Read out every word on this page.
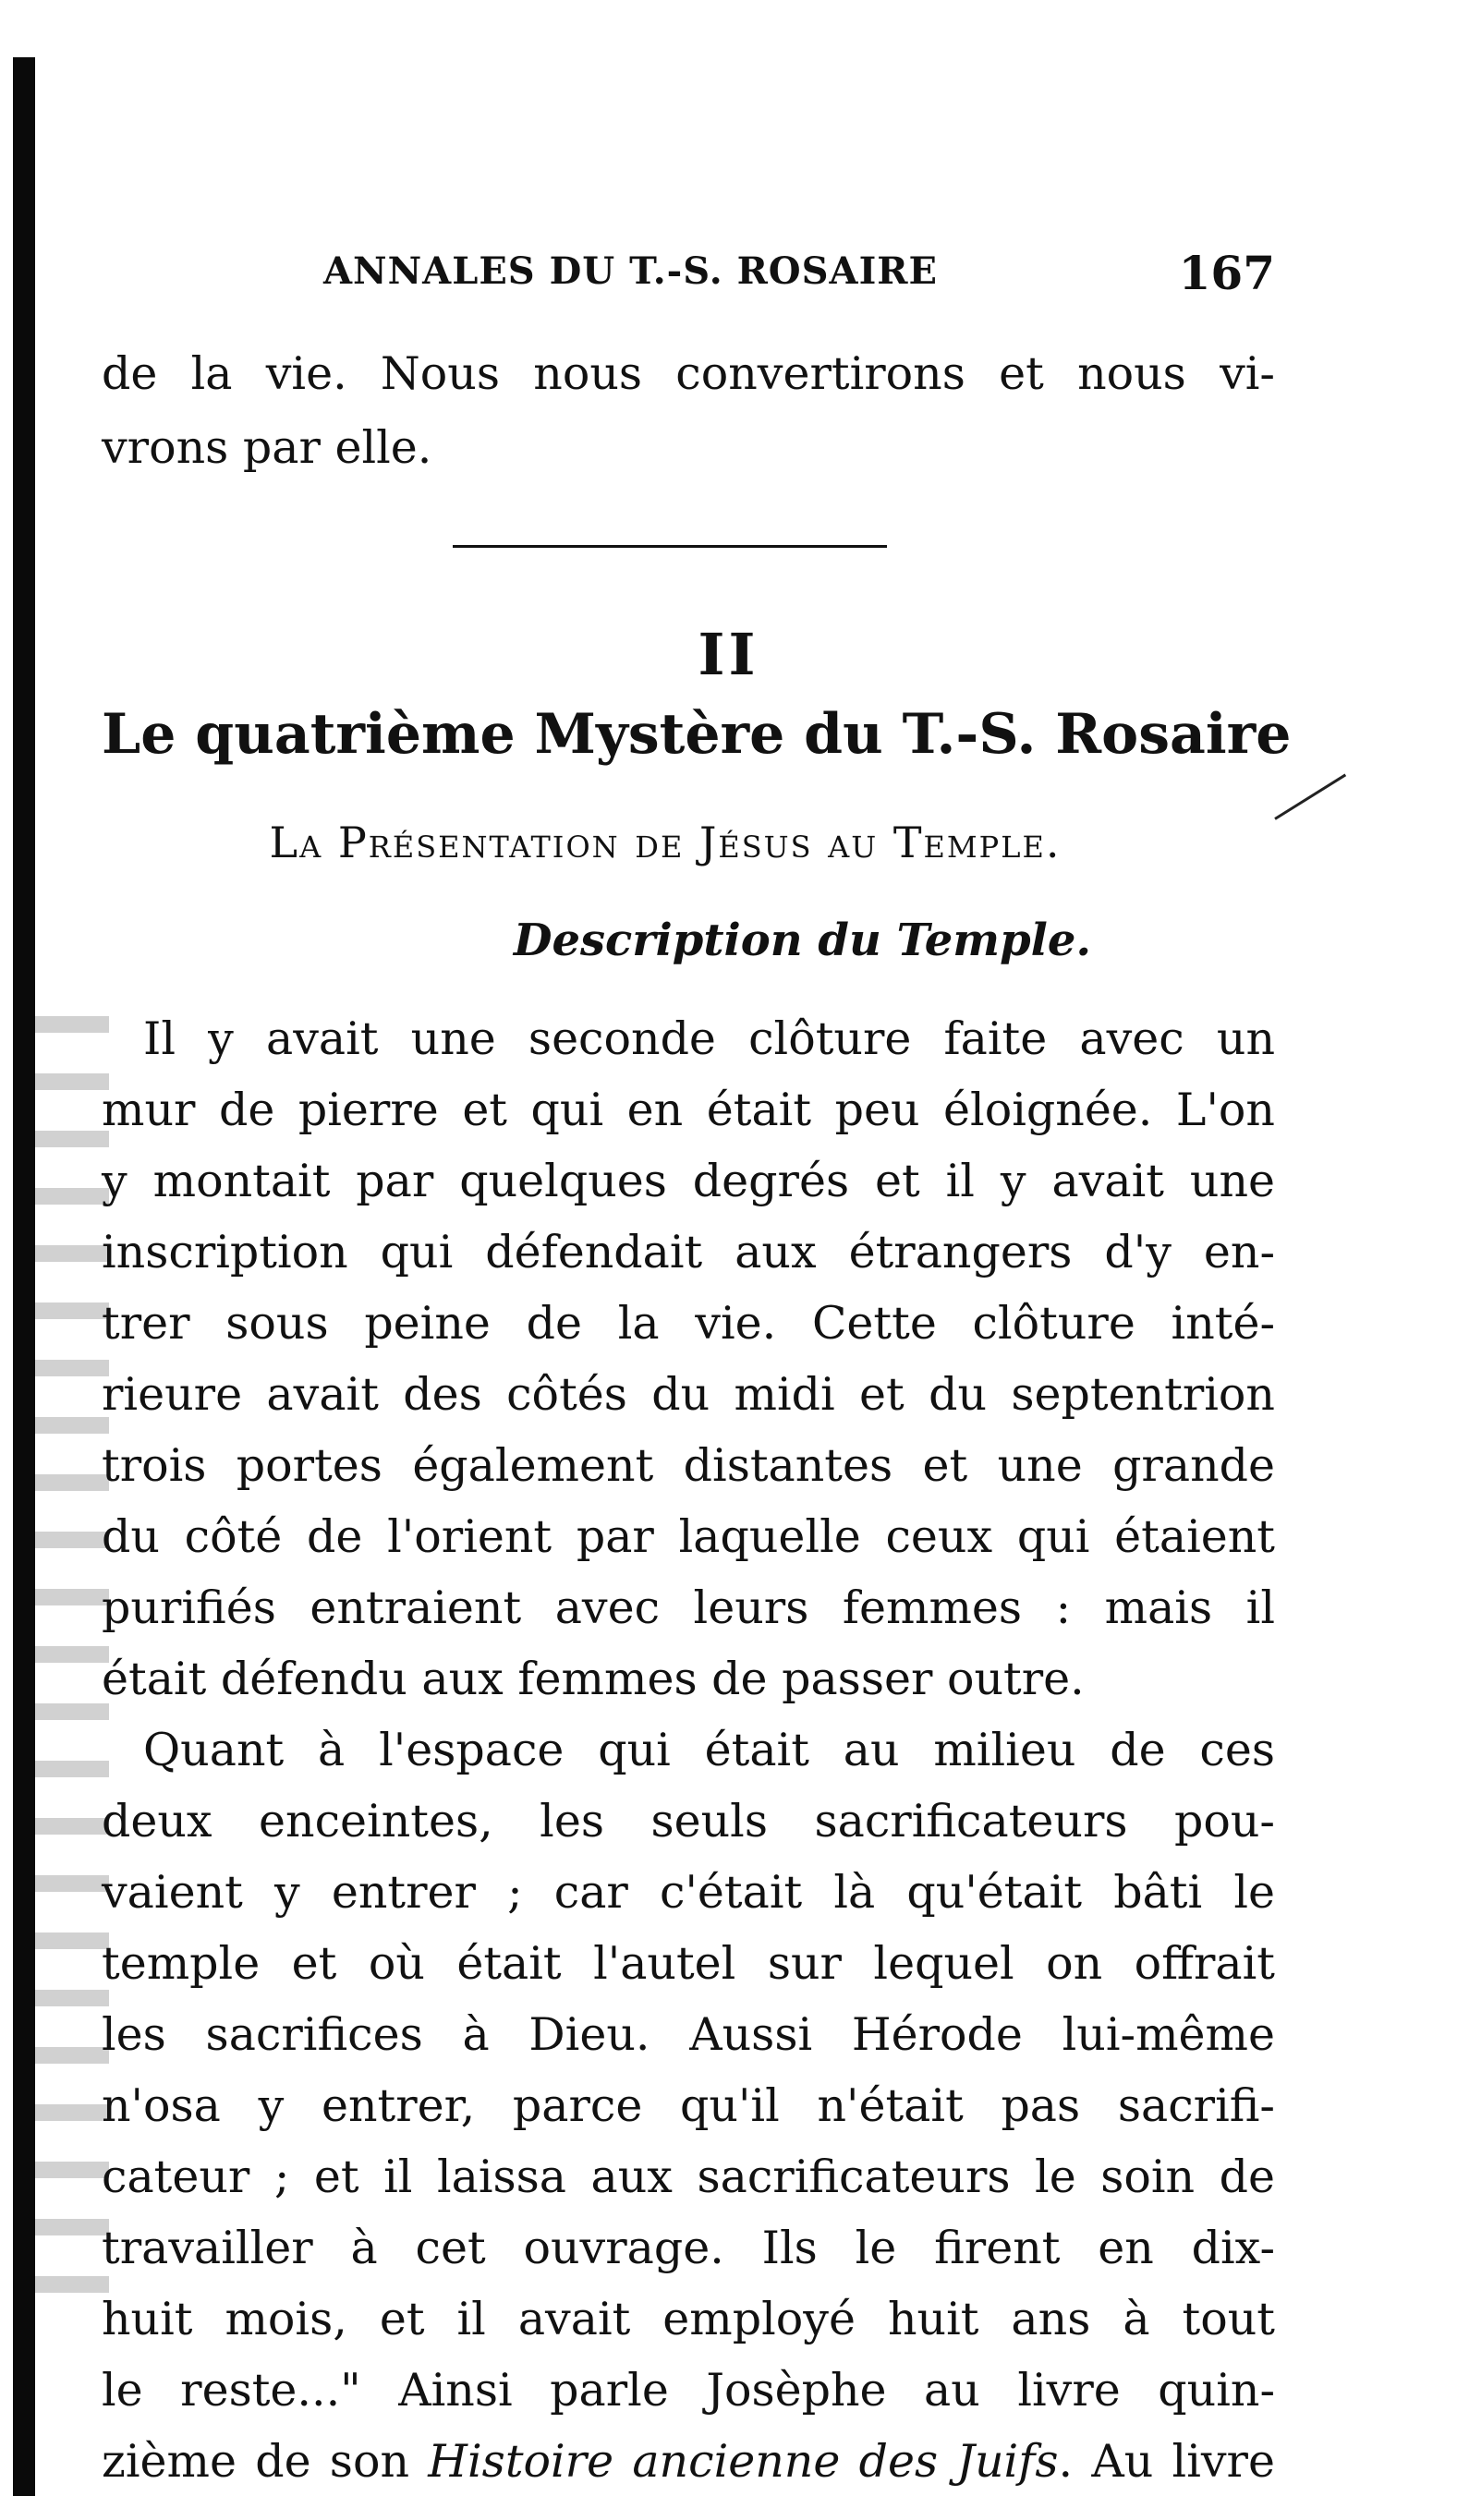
ANNALES DU T.-S. ROSAIRE	167
de la vie. Nous nous convertirons et nous vi-
vrons par elle.
II
Le quatrième Mystère du T.-S. Rosaire
La Présentation de Jésus au Temple.
Description du Temple.
Il y avait une seconde clôture faite avec un
mur de pierre et qui en était peu éloignée. L'on
y montait par quelques degrés et il y avait une
inscription qui défendait aux étrangers d'y en-
trer sous peine de la vie. Cette clôture inté-
rieure avait des côtés du midi et du septentrion
trois portes également distantes et une grande
du côté de l'orient par laquelle ceux qui étaient
purifiés entraient avec leurs femmes : mais il
était défendu aux femmes de passer outre.
Quant à l'espace qui était au milieu de ces
deux enceintes, les seuls sacrificateurs pou-
vaient y entrer ; car c'était là qu'était bâti le
temple et où était l'autel sur lequel on offrait
les sacrifices à Dieu. Aussi Hérode lui-même
n'osa y entrer, parce qu'il n'était pas sacrifi-
cateur ; et il laissa aux sacrificateurs le soin de
travailler à cet ouvrage. Ils le firent en dix-
huit mois, et il avait employé huit ans à tout
le reste..." Ainsi parle Josèphe au livre quin-
zième de son Histoire ancienne des Juifs. Au livre
